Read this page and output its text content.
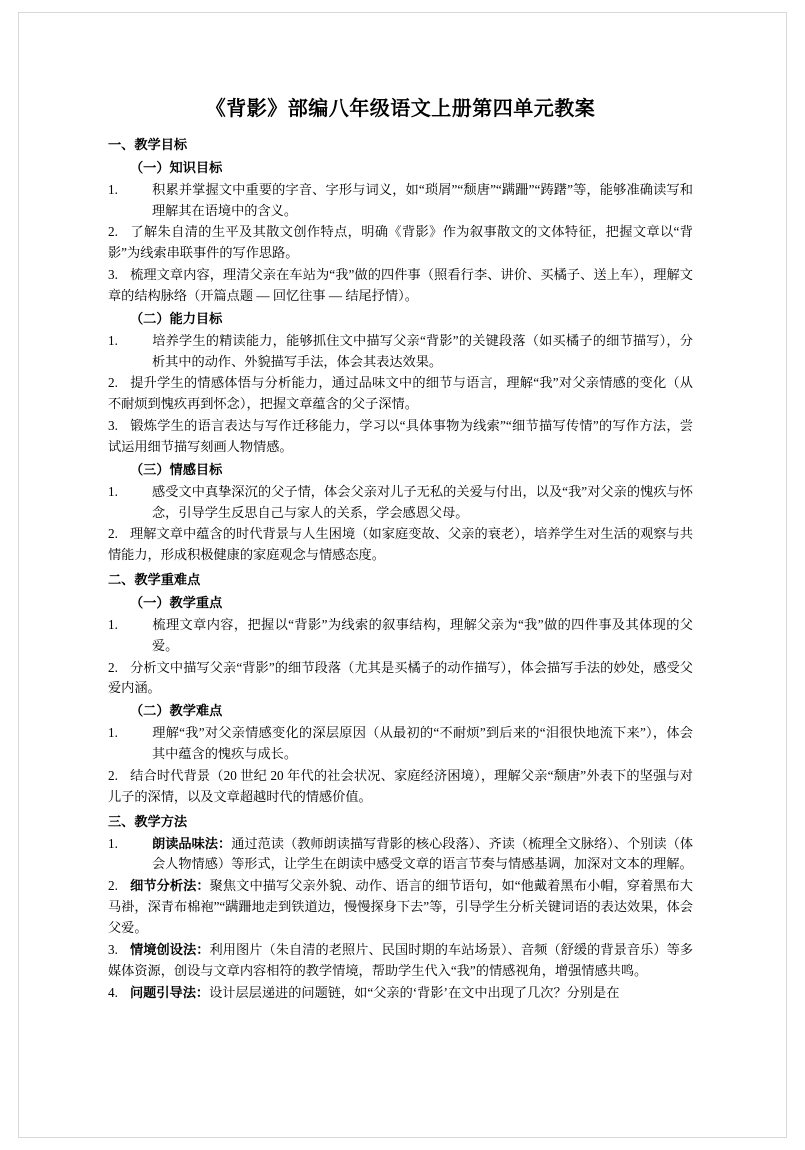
《背影》部编八年级语文上册第四单元教案
一、教学目标
（一）知识目标
1.	积累并掌握文中重要的字音、字形与词义，如“琐屑”“颓唐”“蹒跚”“踌躇”等，能够准确读写和理解其在语境中的含义。
2. 了解朱自清的生平及其散文创作特点，明确《背影》作为叙事散文的文体特征，把握文章以“背影”为线索串联事件的写作思路。
3. 梳理文章内容，理清父亲在车站为“我”做的四件事（照看行李、讲价、买橘子、送上车），理解文章的结构脉络（开篇点题 — 回忆往事 — 结尾抒情）。
（二）能力目标
1.	培养学生的精读能力，能够抓住文中描写父亲“背影”的关键段落（如买橘子的细节描写），分析其中的动作、外貌描写手法，体会其表达效果。
2. 提升学生的情感体悟与分析能力，通过品味文中的细节与语言，理解“我”对父亲情感的变化（从不耐烦到愧疚再到怀念），把握文章蕴含的父子深情。
3. 锻炼学生的语言表达与写作迁移能力，学习以“具体事物为线索”“细节描写传情”的写作方法，尝试运用细节描写刻画人物情感。
（三）情感目标
1.	感受文中真挚深沉的父子情，体会父亲对儿子无私的关爱与付出，以及“我”对父亲的愧疚与怀念，引导学生反思自己与家人的关系，学会感恩父母。
2. 理解文章中蕴含的时代背景与人生困境（如家庭变故、父亲的衰老），培养学生对生活的观察与共情能力，形成积极健康的家庭观念与情感态度。
二、教学重难点
（一）教学重点
1.	梳理文章内容，把握以“背影”为线索的叙事结构，理解父亲为“我”做的四件事及其体现的父爱。
2. 分析文中描写父亲“背影”的细节段落（尤其是买橘子的动作描写），体会描写手法的妙处，感受父爱内涵。
（二）教学难点
1.	理解“我”对父亲情感变化的深层原因（从最初的“不耐烦”到后来的“泪很快地流下来”），体会其中蕴含的愧疚与成长。
2. 结合时代背景（20 世纪 20 年代的社会状况、家庭经济困境），理解父亲“颓唐”外表下的坚强与对儿子的深情，以及文章超越时代的情感价值。
三、教学方法
1.	朗读品味法：通过范读（教师朗读描写背影的核心段落）、齐读（梳理全文脉络）、个别读（体会人物情感）等形式，让学生在朗读中感受文章的语言节奏与情感基调，加深对文本的理解。
2. 细节分析法：聚焦文中描写父亲外貌、动作、语言的细节语句，如“他戴着黑布小帽，穿着黑布大马褂，深青布棉袍”“蹒跚地走到铁道边，慢慢探身下去”等，引导学生分析关键词语的表达效果，体会父爱。
3. 情境创设法：利用图片（朱自清的老照片、民国时期的车站场景）、音频（舒缓的背景音乐）等多媒体资源，创设与文章内容相符的教学情境，帮助学生代入“我”的情感视角，增强情感共鸣。
4. 问题引导法：设计层层递进的问题链，如“父亲的‘背影’在文中出现了几次？分别是在
